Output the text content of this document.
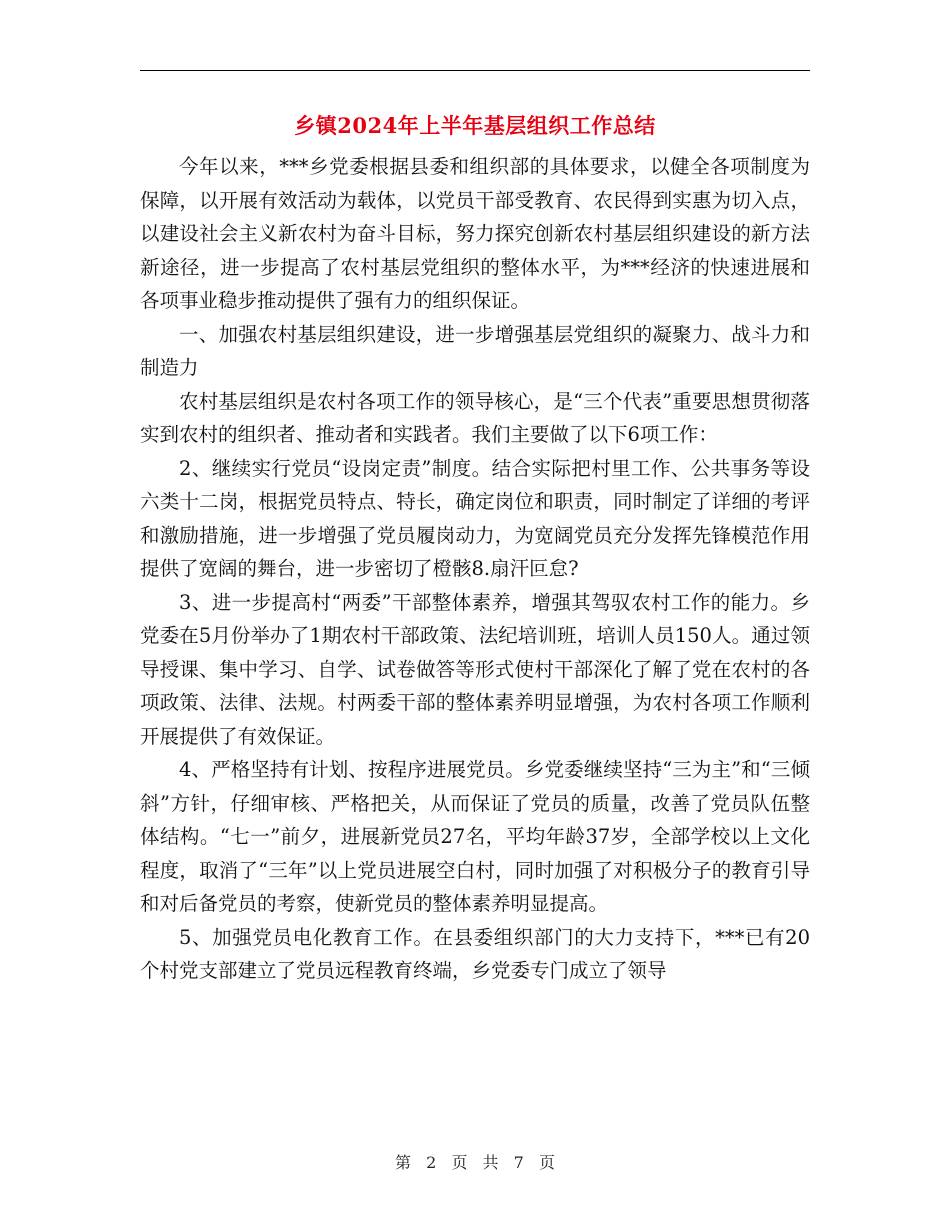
乡镇2024年上半年基层组织工作总结

今年以来，***乡党委根据县委和组织部的具体要求，以健全各项制度为保障，以开展有效活动为载体，以党员干部受教育、农民得到实惠为切入点，以建设社会主义新农村为奋斗目标，努力探究创新农村基层组织建设的新方法新途径，进一步提高了农村基层党组织的整体水平，为***经济的快速进展和各项事业稳步推动提供了强有力的组织保证。

一、加强农村基层组织建设，进一步增强基层党组织的凝聚力、战斗力和制造力

农村基层组织是农村各项工作的领导核心，是“三个代表”重要思想贯彻落实到农村的组织者、推动者和实践者。我们主要做了以下6项工作：

2、继续实行党员“设岗定责”制度。结合实际把村里工作、公共事务等设六类十二岗，根据党员特点、特长，确定岗位和职责，同时制定了详细的考评和激励措施，进一步增强了党员履岗动力，为宽阔党员充分发挥先锋模范作用提供了宽阔的舞台，进一步密切了橙骸8.扇汗叵怠?

3、进一步提高村“两委”干部整体素养，增强其驾驭农村工作的能力。乡党委在5月份举办了1期农村干部政策、法纪培训班，培训人员150人。通过领导授课、集中学习、自学、试卷做答等形式使村干部深化了解了党在农村的各项政策、法律、法规。村两委干部的整体素养明显增强，为农村各项工作顺利开展提供了有效保证。

4、严格坚持有计划、按程序进展党员。乡党委继续坚持“三为主”和“三倾斜”方针，仔细审核、严格把关，从而保证了党员的质量，改善了党员队伍整体结构。“七一”前夕，进展新党员27名，平均年龄37岁，全部学校以上文化程度，取消了“三年”以上党员进展空白村，同时加强了对积极分子的教育引导和对后备党员的考察，使新党员的整体素养明显提高。

5、加强党员电化教育工作。在县委组织部门的大力支持下，***已有20个村党支部建立了党员远程教育终端，乡党委专门成立了领导

第 2 页 共 7 页
